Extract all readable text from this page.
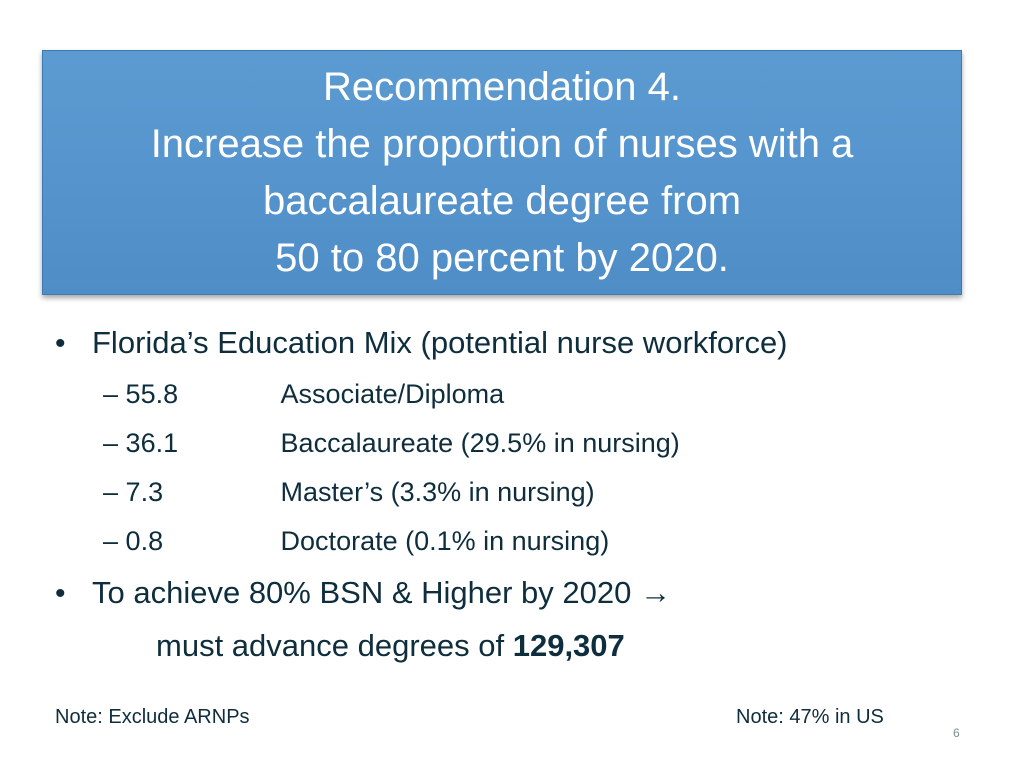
Recommendation 4.
Increase the proportion of nurses with a
baccalaureate degree from
50 to 80 percent by 2020.
• Florida’s Education Mix (potential nurse workforce)
– 55.8	Associate/Diploma
– 36.1	Baccalaureate (29.5% in nursing)
– 7.3	Master’s (3.3% in nursing)
– 0.8	Doctorate (0.1% in nursing)
• To achieve 80% BSN & Higher by 2020 →
must advance degrees of 129,307
Note: Exclude ARNPs	Note: 47% in US
6
